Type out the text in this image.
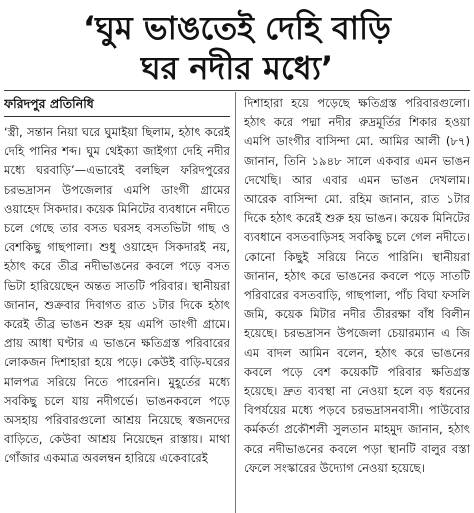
‘ঘুম ভাঙতেই দেহি বাড়ি
ঘর নদীর মধ্যে’
ফরিদপুর প্রতিনিধি

‘স্ত্রী, সন্তান নিয়া ঘরে ঘুমাইয়া ছিলাম, হঠাৎ করেই দেহি পানির শব্দ। ঘুম থেইক্যা জাইগ্যা দেহি নদীর মধ্যে ঘরবাড়ি’—এভাবেই বলছিল ফরিদপুরের চরভদ্রাসন উপজেলার এমপি ডাংগী গ্রামের ওয়াহেদ সিকদার। কয়েক মিনিটের ব্যবধানে নদীতে চলে গেছে তার বসত ঘরসহ বসতভিটা গাছ ও বেশকিছু গাছপালা। শুধু ওয়াহেদ সিকদারই নয়, হঠাৎ করে তীব্র নদীভাঙনের কবলে পড়ে বসত ভিটা হারিয়েছেন অন্তত সাতটি পরিবার। স্থানীয়রা জানান, শুক্রবার দিবাগত রাত ১টার দিকে হঠাৎ করেই তীব্র ভাঙন শুরু হয় এমপি ডাংগী গ্রামে। প্রায় আধা ঘণ্টার এ ভাঙনে ক্ষতিগ্রস্ত পরিবারের লোকজন দিশাহারা হয়ে পড়ে। কেউই বাড়ি-ঘরের মালপত্র সরিয়ে নিতে পারেননি। মুহূর্তের মধ্যে সবকিছু চলে যায় নদীগর্ভে। ভাঙনকবলে পড়ে অসহায় পরিবারগুলো আশ্রয় নিয়েছে স্বজনদের বাড়িতে, কেউবা আশ্রয় নিয়েছেন রাস্তায়। মাথা গোঁজার একমাত্র অবলম্বন হারিয়ে একেবারেই

দিশাহারা হয়ে পড়েছে ক্ষতিগ্রস্ত পরিবারগুলো। হঠাৎ করে পদ্মা নদীর রুদ্রমূর্তির শিকার হওয়া এমপি ডাংগীর বাসিন্দা মো. আমির আলী (৮৭) জানান, তিনি ১৯৪৮ সালে একবার এমন ভাঙন দেখেছি। আর এবার এমন ভাঙন দেখলাম। আরেক বাসিন্দা মো. রহিম জানান, রাত ১টার দিকে হঠাৎ করেই শুরু হয় ভাঙন। কয়েক মিনিটের ব্যবধানে বসতবাড়িসহ সবকিছু চলে গেল নদীতে। কোনো কিছুই সরিয়ে নিতে পারিনি। স্থানীয়রা জানান, হঠাৎ করে ভাঙনের কবলে পড়ে সাতটি পরিবারের বসতবাড়ি, গাছপালা, পাঁচ বিঘা ফসলি জমি, কয়েক মিটার নদীর তীররক্ষা বাঁধ বিলীন হয়েছে। চরভদ্রাসন উপজেলা চেয়ারম্যান এ জি এম বাদল আমিন বলেন, হঠাৎ করে ভাঙনের কবলে পড়ে বেশ কয়েকটি পরিবার ক্ষতিগ্রস্ত হয়েছে। দ্রুত ব্যবস্থা না নেওয়া হলে বড় ধরনের বিপর্যয়ের মধ্যে পড়বে চরভদ্রাসনবাসী। পাউবোর কর্মকর্তা প্রকৌশলী সুলতান মাহমুদ জানান, হঠাৎ করে নদীভাঙনের কবলে পড়া স্থানটি বালুর বস্তা ফেলে সংস্কারের উদ্যোগ নেওয়া হয়েছে।
